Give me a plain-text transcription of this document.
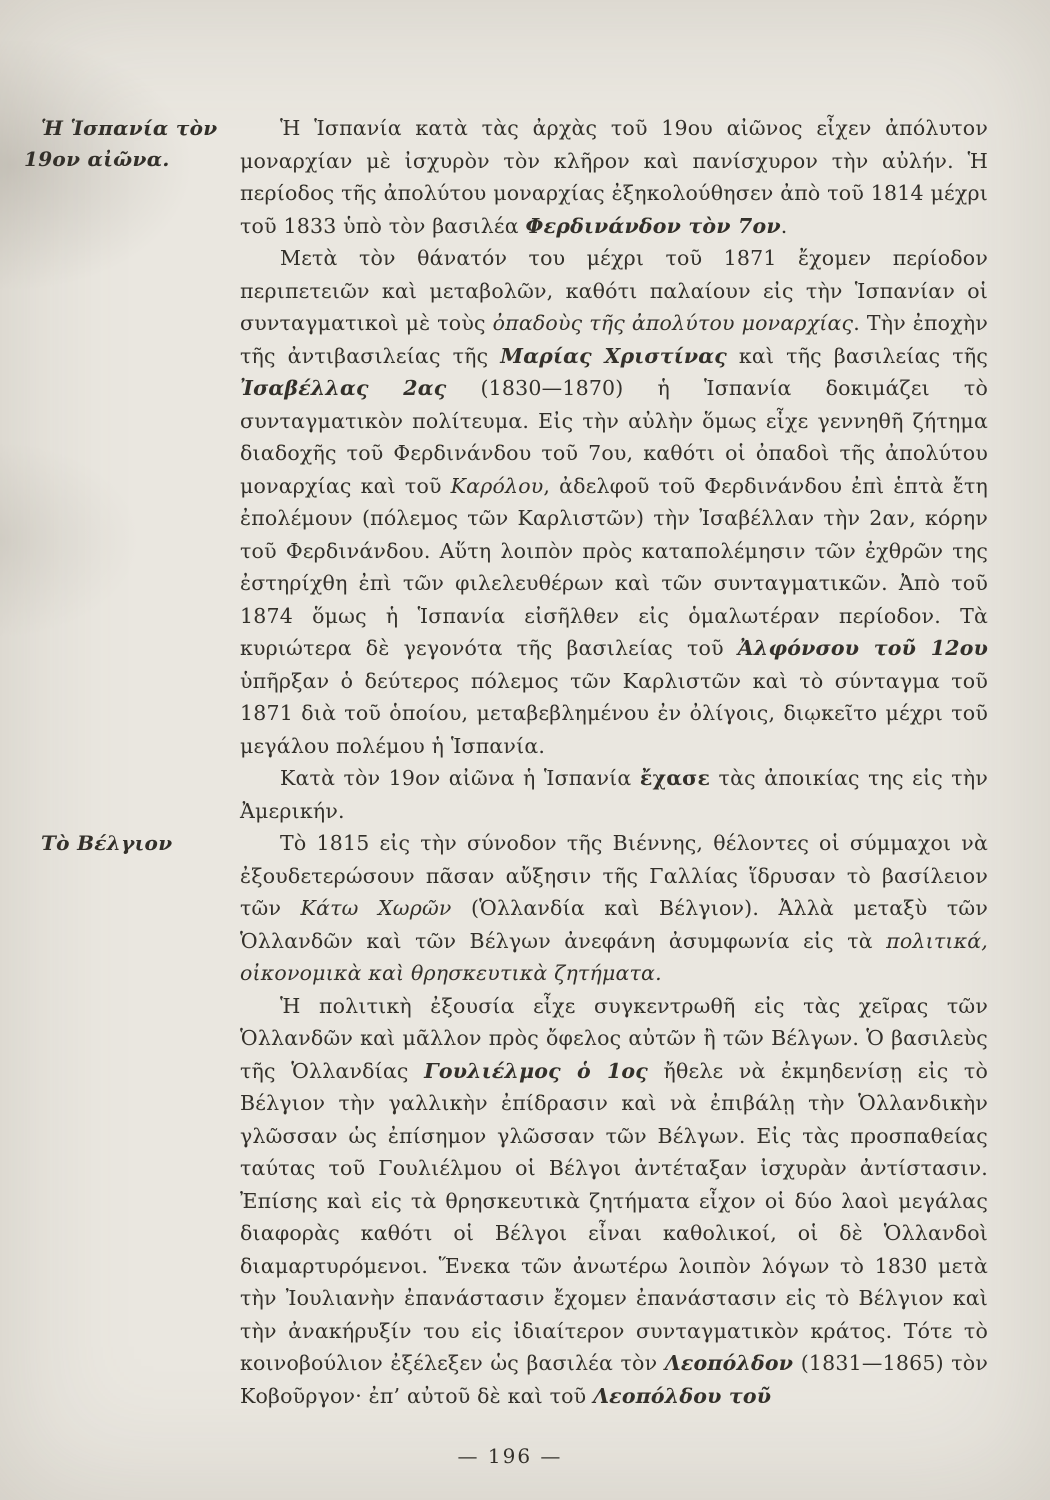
Ἡ Ἱσπανία τὸν 19ον αἰῶνα.

Ἡ Ἱσπανία κατὰ τὰς ἀρχὰς τοῦ 19ου αἰῶνος εἶχεν ἀπόλυτον μοναρχίαν μὲ ἰσχυρὸν τὸν κλῆρον καὶ πανίσχυρον τὴν αὐλήν. Ἡ περίοδος τῆς ἀπολύτου μοναρχίας ἐξηκολούθησεν ἀπὸ τοῦ 1814 μέχρι τοῦ 1833 ὑπὸ τὸν βασιλέα Φερδινάνδον τὸν 7ον.

Μετὰ τὸν θάνατόν του μέχρι τοῦ 1871 ἔχομεν περίοδον περιπετειῶν καὶ μεταβολῶν, καθότι παλαίουν εἰς τὴν Ἱσπανίαν οἱ συνταγματικοὶ μὲ τοὺς ὀπαδοὺς τῆς ἀπολύτου μοναρχίας. Τὴν ἐποχὴν τῆς ἀντιβασιλείας τῆς Μαρίας Χριστίνας καὶ τῆς βασιλείας τῆς Ἰσαβέλλας 2ας (1830—1870) ἡ Ἱσπανία δοκιμάζει τὸ συνταγματικὸν πολίτευμα. Εἰς τὴν αὐλὴν ὅμως εἶχε γεννηθῆ ζήτημα διαδοχῆς τοῦ Φερδινάνδου τοῦ 7ου, καθότι οἱ ὀπαδοὶ τῆς ἀπολύτου μοναρχίας καὶ τοῦ Καρόλου, ἀδελφοῦ τοῦ Φερδινάνδου ἐπὶ ἑπτὰ ἔτη ἐπολέμουν (πόλεμος τῶν Καρλιστῶν) τὴν Ἰσαβέλλαν τὴν 2αν, κόρην τοῦ Φερδινάνδου. Αὕτη λοιπὸν πρὸς καταπολέμησιν τῶν ἐχθρῶν της ἐστηρίχθη ἐπὶ τῶν φιλελευθέρων καὶ τῶν συνταγματικῶν. Ἀπὸ τοῦ 1874 ὅμως ἡ Ἱσπανία εἰσῆλθεν εἰς ὁμαλωτέραν περίοδον. Τὰ κυριώτερα δὲ γεγονότα τῆς βασιλείας τοῦ Ἀλφόνσου τοῦ 12ου ὑπῆρξαν ὁ δεύτερος πόλεμος τῶν Καρλιστῶν καὶ τὸ σύνταγμα τοῦ 1871 διὰ τοῦ ὁποίου, μεταβεβλημένου ἐν ὀλίγοις, διῳκεῖτο μέχρι τοῦ μεγάλου πολέμου ἡ Ἱσπανία.

Κατὰ τὸν 19ον αἰῶνα ἡ Ἱσπανία ἔχασε τὰς ἀποικίας της εἰς τὴν Ἀμερικήν.

Τὸ Βέλγιον	Τὸ 1815 εἰς τὴν σύνοδον τῆς Βιέννης, θέλοντες οἱ σύμμαχοι νὰ ἐξουδετερώσουν πᾶσαν αὔξησιν τῆς Γαλλίας ἵδρυσαν τὸ βασίλειον τῶν Κάτω Χωρῶν (Ὁλλανδία καὶ Βέλγιον). Ἀλλὰ μεταξὺ τῶν Ὁλλανδῶν καὶ τῶν Βέλγων ἀνεφάνη ἀσυμφωνία εἰς τὰ πολιτικά, οἰκονομικὰ καὶ θρησκευτικὰ ζητήματα.

Ἡ πολιτικὴ ἐξουσία εἶχε συγκεντρωθῆ εἰς τὰς χεῖρας τῶν Ὁλλανδῶν καὶ μᾶλλον πρὸς ὄφελος αὐτῶν ἢ τῶν Βέλγων. Ὁ βασιλεὺς τῆς Ὁλλανδίας Γουλιέλμος ὁ 1ος ἤθελε νὰ ἐκμηδενίσῃ εἰς τὸ Βέλγιον τὴν γαλλικὴν ἐπίδρασιν καὶ νὰ ἐπιβάλῃ τὴν Ὁλλανδικὴν γλῶσσαν ὡς ἐπίσημον γλῶσσαν τῶν Βέλγων. Εἰς τὰς προσπαθείας ταύτας τοῦ Γουλιέλμου οἱ Βέλγοι ἀντέταξαν ἰσχυρὰν ἀντίστασιν. Ἐπίσης καὶ εἰς τὰ θρησκευτικὰ ζητήματα εἶχον οἱ δύο λαοὶ μεγάλας διαφορὰς καθότι οἱ Βέλγοι εἶναι καθολικοί, οἱ δὲ Ὁλλανδοὶ διαμαρτυρόμενοι. Ἕνεκα τῶν ἀνωτέρω λοιπὸν λόγων τὸ 1830 μετὰ τὴν Ἰουλιανὴν ἐπανάστασιν ἔχομεν ἐπανάστασιν εἰς τὸ Βέλγιον καὶ τὴν ἀνακήρυξίν του εἰς ἰδιαίτερον συνταγματικὸν κράτος. Τότε τὸ κοινοβούλιον ἐξέλεξεν ὡς βασιλέα τὸν Λεοπόλδον (1831—1865) τὸν Κοβοῦργον· ἐπ’ αὐτοῦ δὲ καὶ τοῦ Λεοπόλδου τοῦ

— 196 —
